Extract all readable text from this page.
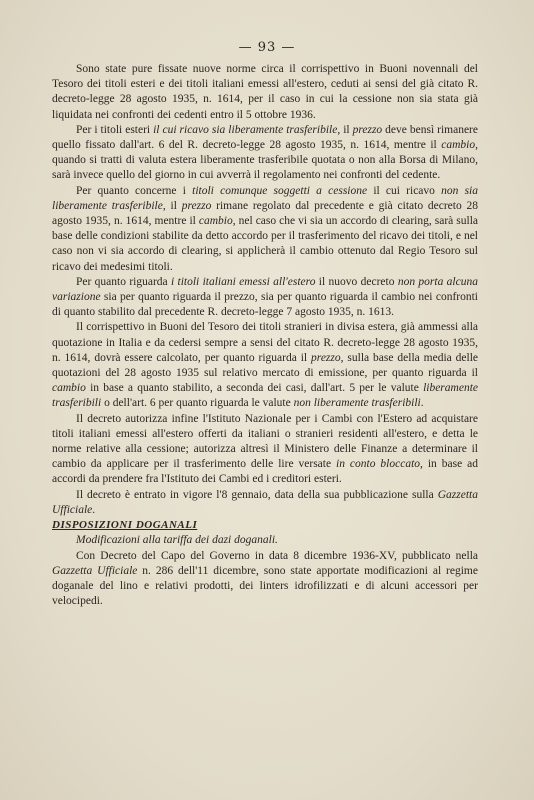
— 93 —

Sono state pure fissate nuove norme circa il corrispettivo in Buoni novennali del Tesoro dei titoli esteri e dei titoli italiani emessi all'estero, ceduti ai sensi del già citato R. decreto-legge 28 agosto 1935, n. 1614, per il caso in cui la cessione non sia stata già liquidata nei confronti dei cedenti entro il 5 ottobre 1936.

Per i titoli esteri il cui ricavo sia liberamente trasferibile, il prezzo deve bensì rimanere quello fissato dall'art. 6 del R. decreto-legge 28 agosto 1935, n. 1614, mentre il cambio, quando si tratti di valuta estera liberamente trasferibile quotata o non alla Borsa di Milano, sarà invece quello del giorno in cui avverrà il regolamento nei confronti del cedente.

Per quanto concerne i titoli comunque soggetti a cessione il cui ricavo non sia liberamente trasferibile, il prezzo rimane regolato dal precedente e già citato decreto 28 agosto 1935, n. 1614, mentre il cambio, nel caso che vi sia un accordo di clearing, sarà sulla base delle condizioni stabilite da detto accordo per il trasferimento del ricavo dei titoli, e nel caso non vi sia accordo di clearing, si applicherà il cambio ottenuto dal Regio Tesoro sul ricavo dei medesimi titoli.

Per quanto riguarda i titoli italiani emessi all'estero il nuovo decreto non porta alcuna variazione sia per quanto riguarda il prezzo, sia per quanto riguarda il cambio nei confronti di quanto stabilito dal precedente R. decreto-legge 7 agosto 1935, n. 1613.

Il corrispettivo in Buoni del Tesoro dei titoli stranieri in divisa estera, già ammessi alla quotazione in Italia e da cedersi sempre a sensi del citato R. decreto-legge 28 agosto 1935, n. 1614, dovrà essere calcolato, per quanto riguarda il prezzo, sulla base della media delle quotazioni del 28 agosto 1935 sul relativo mercato di emissione, per quanto riguarda il cambio in base a quanto stabilito, a seconda dei casi, dall'art. 5 per le valute liberamente trasferibili o dell'art. 6 per quanto riguarda le valute non liberamente trasferibili.

Il decreto autorizza infine l'Istituto Nazionale per i Cambi con l'Estero ad acquistare titoli italiani emessi all'estero offerti da italiani o stranieri residenti all'estero, e detta le norme relative alla cessione; autorizza altresì il Ministero delle Finanze a determinare il cambio da applicare per il trasferimento delle lire versate in conto bloccato, in base ad accordi da prendere fra l'Istituto dei Cambi ed i creditori esteri.

Il decreto è entrato in vigore l'8 gennaio, data della sua pubblicazione sulla Gazzetta Ufficiale.

DISPOSIZIONI DOGANALI

Modificazioni alla tariffa dei dazi doganali.

Con Decreto del Capo del Governo in data 8 dicembre 1936-XV, pubblicato nella Gazzetta Ufficiale n. 286 dell'11 dicembre, sono state apportate modificazioni al regime doganale del lino e relativi prodotti, dei linters idrofilizzati e di alcuni accessori per velocipedi.
